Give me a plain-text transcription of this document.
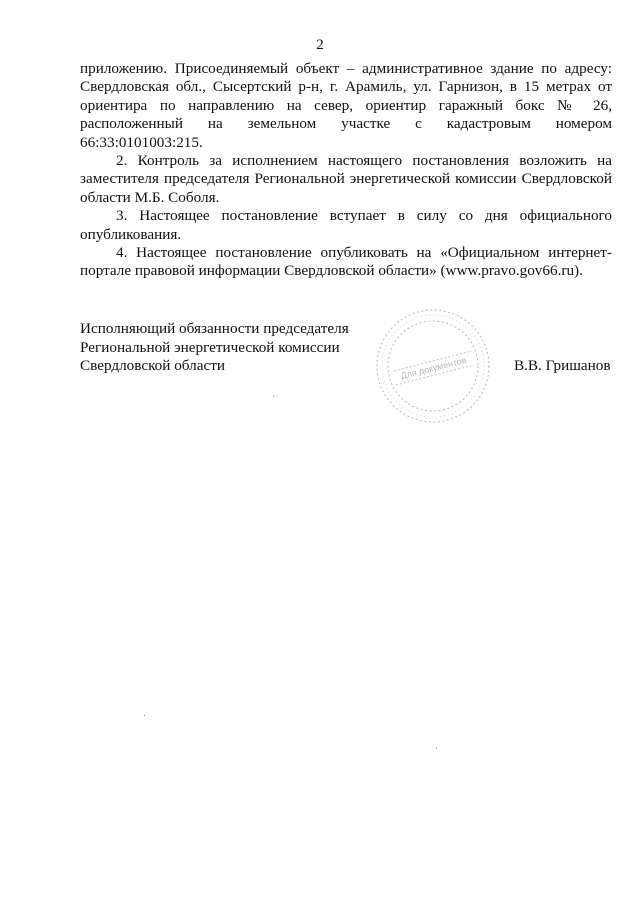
2

приложению. Присоединяемый объект – административное здание по адресу: Свердловская обл., Сысертский р-н, г. Арамиль, ул. Гарнизон, в 15 метрах от ориентира по направлению на север, ориентир гаражный бокс № 26, расположенный на земельном участке с кадастровым номером 66:33:0101003:215.

2. Контроль за исполнением настоящего постановления возложить на заместителя председателя Региональной энергетической комиссии Свердловской области М.Б. Соболя.

3. Настоящее постановление вступает в силу со дня официального опубликования.

4. Настоящее постановление опубликовать на «Официальном интернет-портале правовой информации Свердловской области» (www.pravo.gov66.ru).

Исполняющий обязанности председателя
Региональной энергетической комиссии
Свердловской области	Для документов	В.В. Гришанов
